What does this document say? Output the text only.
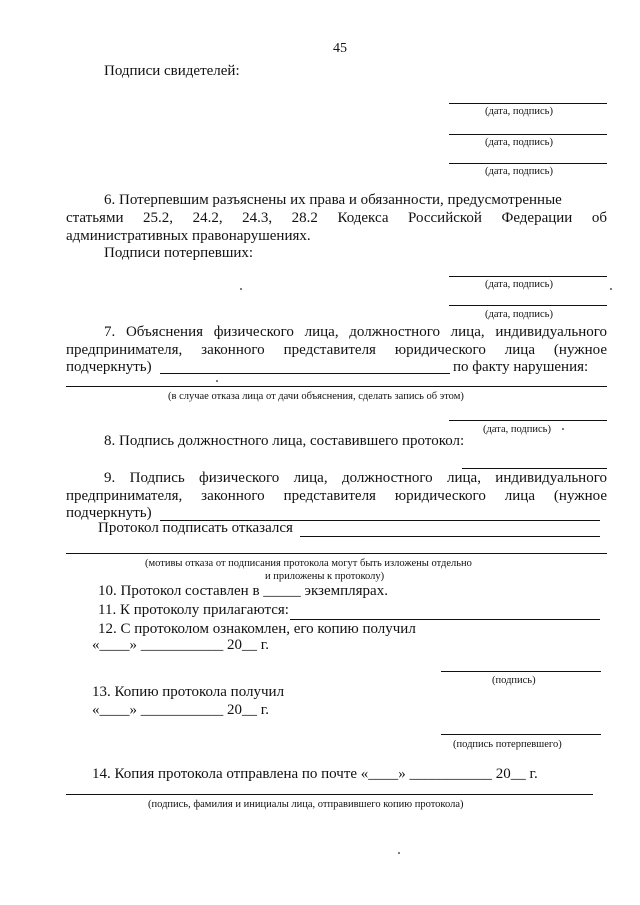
45
Подписи свидетелей:
(дата, подпись)
(дата, подпись)
(дата, подпись)
6. Потерпевшим разъяснены их права и обязанности, предусмотренные
статьями 25.2, 24.2, 24.3, 28.2 Кодекса Российской Федерации об
административных правонарушениях.
Подписи потерпевших:
(дата, подпись)
(дата, подпись)
7. Объяснения физического лица, должностного лица, индивидуального
предпринимателя, законного представителя юридического лица (нужное
подчеркнуть)	по факту нарушения:
(в случае отказа лица от дачи объяснения, сделать запись об этом)
(дата, подпись)
8. Подпись должностного лица, составившего протокол:
9. Подпись физического лица, должностного лица, индивидуального
предпринимателя, законного представителя юридического лица (нужное
подчеркнуть)
Протокол подписать отказался
(мотивы отказа от подписания протокола могут быть изложены отдельно
и приложены к протоколу)
10. Протокол составлен в _____ экземплярах.
11. К протоколу прилагаются:
12. С протоколом ознакомлен, его копию получил
«____» ___________ 20__ г.
(подпись)
13. Копию протокола получил
«____» ___________ 20__ г.
(подпись потерпевшего)
14. Копия протокола отправлена по почте «____» ___________ 20__ г.
(подпись, фамилия и инициалы лица, отправившего копию протокола)
